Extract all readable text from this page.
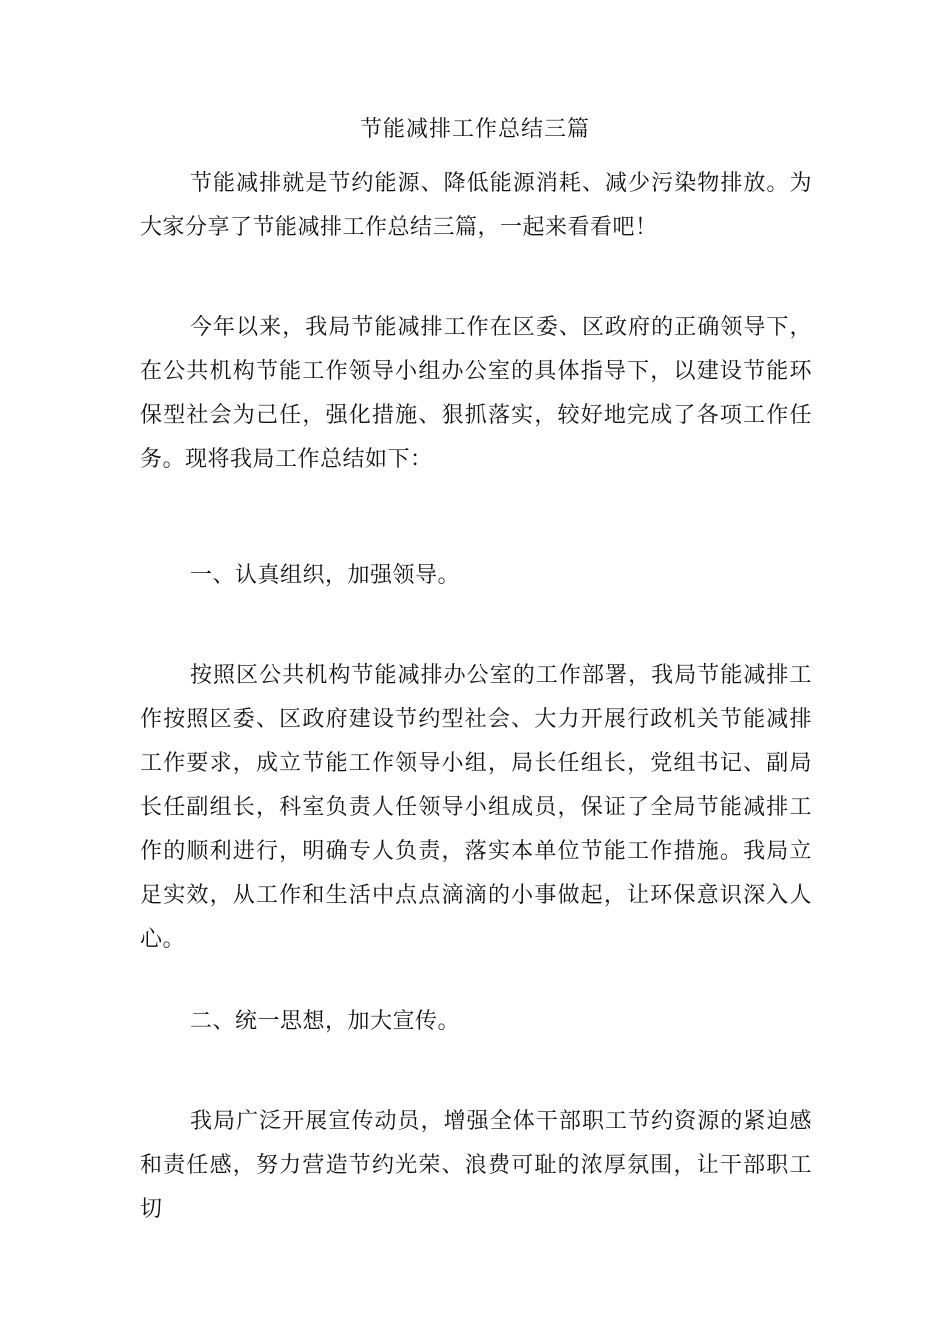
节能减排工作总结三篇

节能减排就是节约能源、降低能源消耗、减少污染物排放。为大家分享了节能减排工作总结三篇，一起来看看吧！

今年以来，我局节能减排工作在区委、区政府的正确领导下，在公共机构节能工作领导小组办公室的具体指导下，以建设节能环保型社会为己任，强化措施、狠抓落实，较好地完成了各项工作任务。现将我局工作总结如下：

一、认真组织，加强领导。

按照区公共机构节能减排办公室的工作部署，我局节能减排工作按照区委、区政府建设节约型社会、大力开展行政机关节能减排工作要求，成立节能工作领导小组，局长任组长，党组书记、副局长任副组长，科室负责人任领导小组成员，保证了全局节能减排工作的顺利进行，明确专人负责，落实本单位节能工作措施。我局立足实效，从工作和生活中点点滴滴的小事做起，让环保意识深入人心。

二、统一思想，加大宣传。

我局广泛开展宣传动员，增强全体干部职工节约资源的紧迫感和责任感，努力营造节约光荣、浪费可耻的浓厚氛围，让干部职工切
